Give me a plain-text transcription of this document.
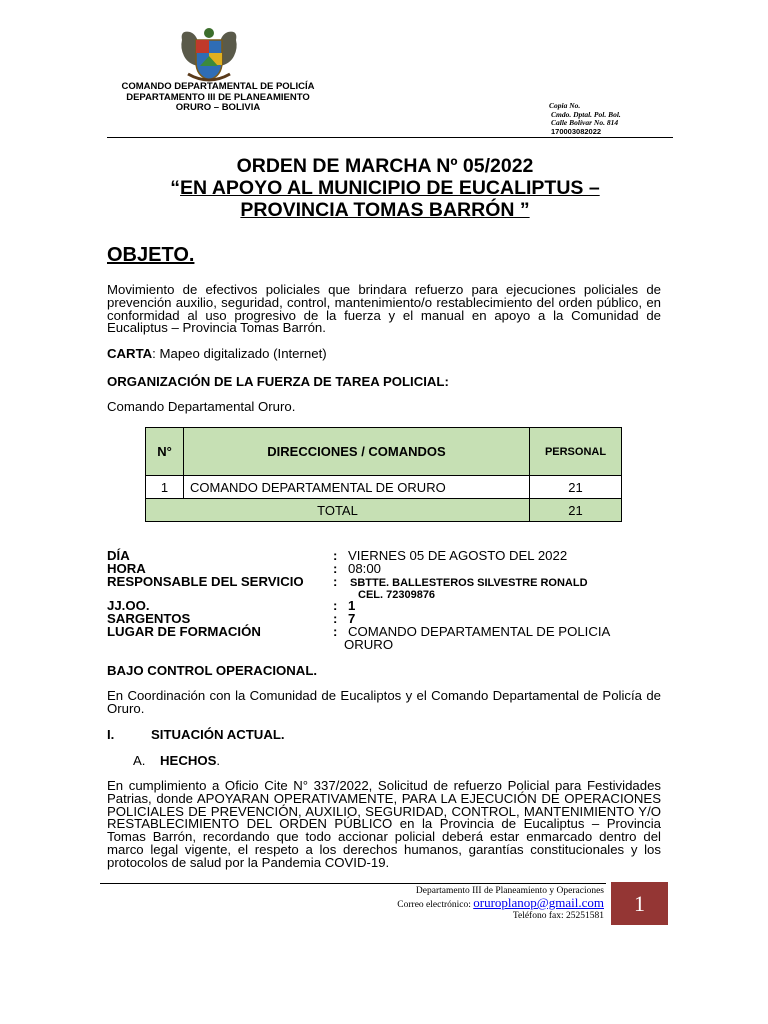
COMANDO DEPARTAMENTAL DE POLICÍA
DEPARTAMENTO III DE PLANEAMIENTO
ORURO – BOLIVIA	Copia No.
Cmdo. Dptal. Pol. Bol.
Calle Bolívar No. 814
170003082022
ORDEN DE MARCHA Nº 05/2022
“EN APOYO AL MUNICIPIO DE EUCALIPTUS –
PROVINCIA TOMAS BARRÓN ”
OBJETO.
Movimiento de efectivos policiales que brindara refuerzo para ejecuciones policiales de prevención auxilio, seguridad, control, mantenimiento/o restablecimiento del orden público, en conformidad al uso progresivo de la fuerza y el manual en apoyo a la Comunidad de Eucaliptus – Provincia Tomas Barrón.
CARTA: Mapeo digitalizado (Internet)
ORGANIZACIÓN DE LA FUERZA DE TAREA POLICIAL:
Comando Departamental Oruro.
N°	DIRECCIONES / COMANDOS	PERSONAL
1	COMANDO DEPARTAMENTAL DE ORURO	21
TOTAL		21
DÍA	: VIERNES 05 DE AGOSTO DEL 2022
HORA	: 08:00
RESPONSABLE DEL SERVICIO : SBTTE. BALLESTEROS SILVESTRE RONALD
CEL. 72309876
JJ.OO.	: 1
SARGENTOS	: 7
LUGAR DE FORMACIÓN	: COMANDO DEPARTAMENTAL DE POLICIA
ORURO
BAJO CONTROL OPERACIONAL.
En Coordinación con la Comunidad de Eucaliptos y el Comando Departamental de Policía de Oruro.
I.	SITUACIÓN ACTUAL.
A. HECHOS.
En cumplimiento a Oficio Cite N° 337/2022, Solicitud de refuerzo Policial para Festividades Patrias, donde APOYARAN OPERATIVAMENTE, PARA LA EJECUCIÓN DE OPERACIONES POLICIALES DE PREVENCIÓN, AUXILIO, SEGURIDAD, CONTROL, MANTENIMIENTO Y/O RESTABLECIMIENTO DEL ORDEN PÚBLICO en la Provincia de Eucaliptus – Provincia Tomas Barrón, recordando que todo accionar policial deberá estar enmarcado dentro del marco legal vigente, el respeto a los derechos humanos, garantías constitucionales y los protocolos de salud por la Pandemia COVID-19.
Departamento III de Planeamiento y Operaciones
Correo electrónico: oruroplanop@gmail.com
Teléfono fax: 25251581	1
